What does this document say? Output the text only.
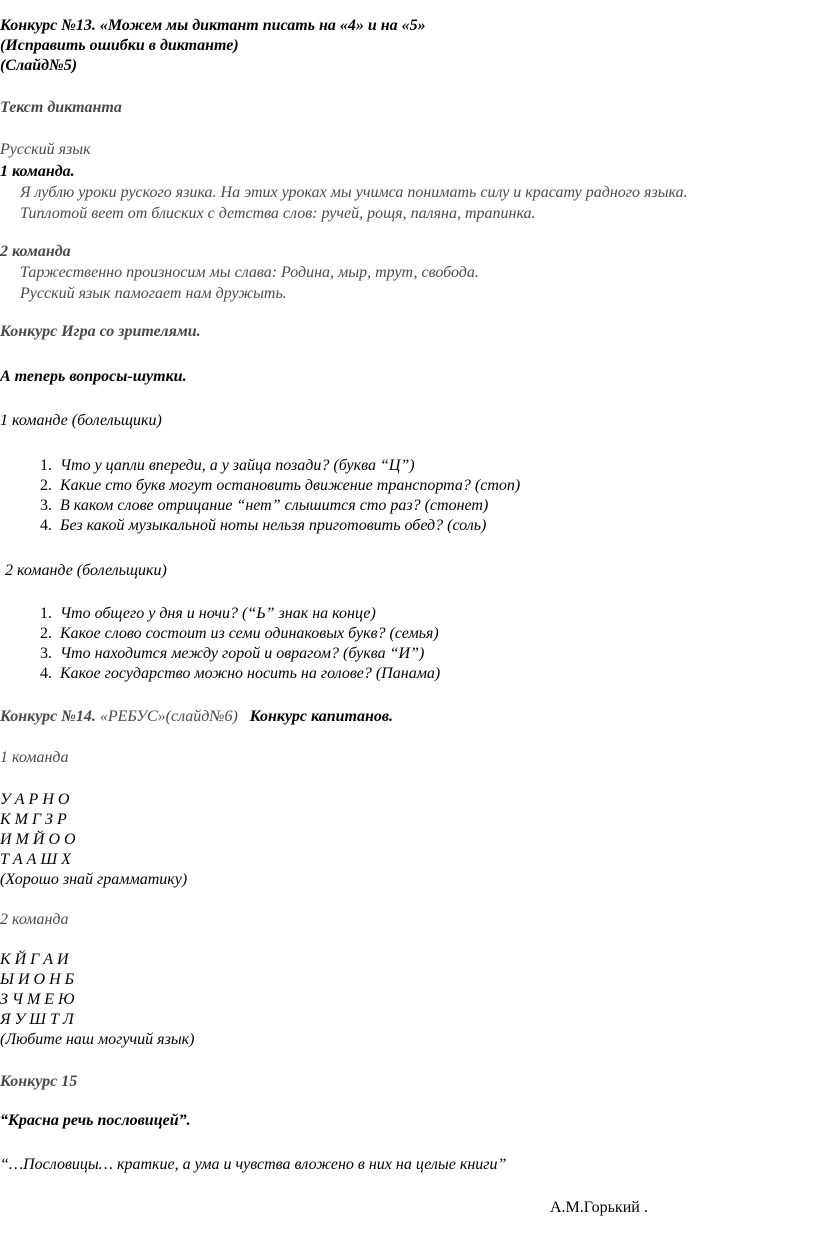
Конкурс №13. «Можем мы диктант писать на «4» и на «5»
(Исправить ошибки в диктанте)
(Слайд№5)
Текст диктанта
Русский язык
1 команда.
Я лублю уроки руского язика. На этих уроках мы учимса понимать силу и красату радного языка.
Типлотой веет от блиских с детства слов: ручей, рощя, паляна, трапинка.
2 команда
Таржественно произносим мы слава: Родина, мыр, трут, свобода.
Русский язык памогает нам дружыть.
Конкурс Игра со зрителями.
А теперь вопросы-шутки.
1 команде (болельщики)
1. Что у цапли впереди, а у зайца позади? (буква “Ц”)
2. Какие сто букв могут остановить движение транспорта? (стоп)
3. В каком слове отрицание “нет” слышится сто раз? (стонет)
4. Без какой музыкальной ноты нельзя приготовить обед? (соль)
2 команде (болельщики)
1. Что общего у дня и ночи? (“Ь” знак на конце)
2. Какое слово состоит из семи одинаковых букв? (семья)
3. Что находится между горой и оврагом? (буква “И”)
4. Какое государство можно носить на голове? (Панама)
Конкурс №14. «РЕБУС»(слайд№6) Конкурс капитанов.
1 команда
У А Р Н О
К М Г З Р
И М Й О О
Т А А Ш Х
(Хорошо знай грамматику)
2 команда
К Й Г А И
Ы И О Н Б
З Ч М Е Ю
Я У Ш Т Л
(Любите наш могучий язык)
Конкурс 15
“Красна речь пословицей”.
“…Пословицы… краткие, а ума и чувства вложено в них на целые книги”
А.М.Горький .
